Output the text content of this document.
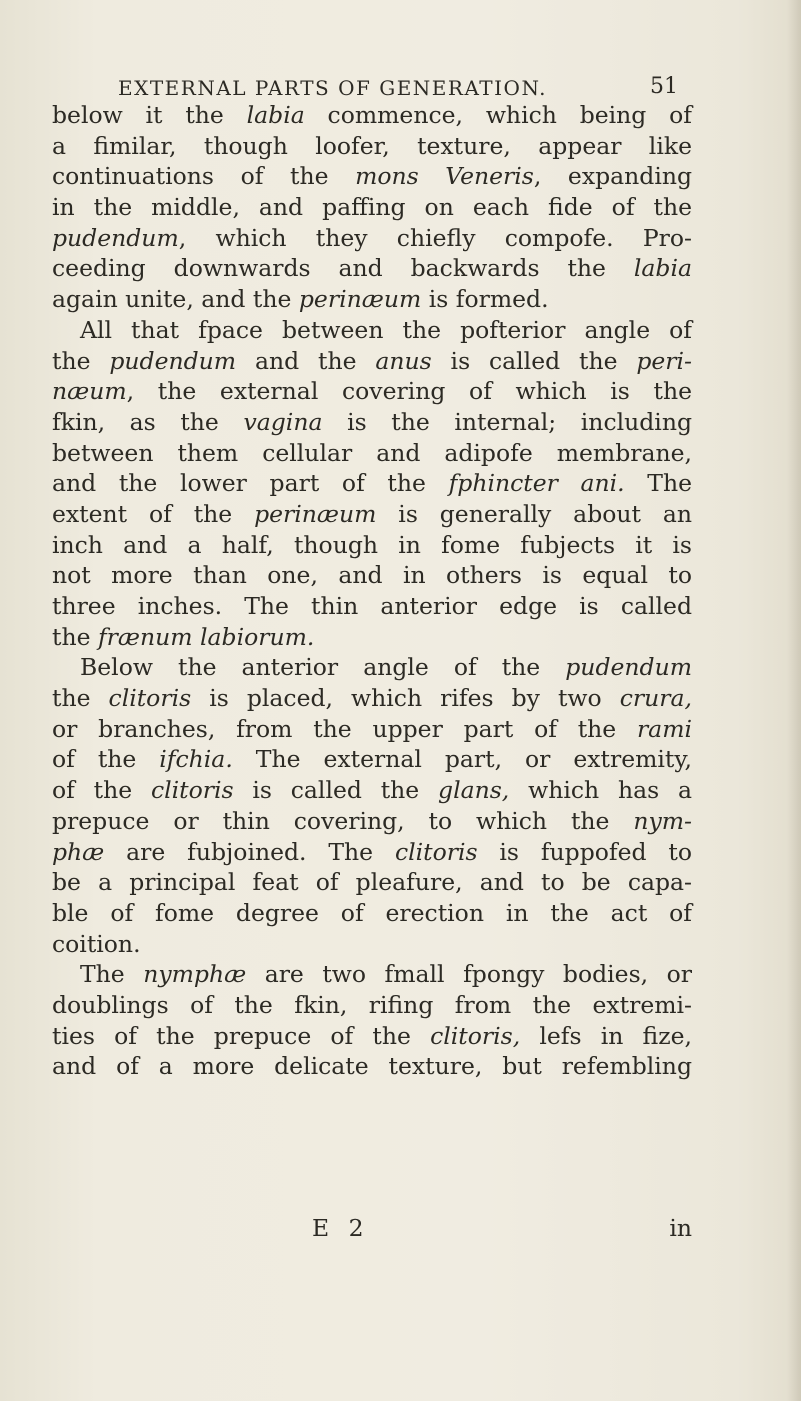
EXTERNAL PARTS OF GENERATION.	51
below it the labia commence, which being of
a fimilar, though loofer, texture, appear like
continuations of the mons Veneris, expanding
in the middle, and paffing on each fide of the
pudendum, which they chiefly compofe. Pro-
ceeding downwards and backwards the labia
again unite, and the perinæum is formed.
All that fpace between the pofterior angle of
the pudendum and the anus is called the peri-
næum, the external covering of which is the
fkin, as the vagina is the internal; including
between them cellular and adipofe membrane,
and the lower part of the fphincter ani. The
extent of the perinæum is generally about an
inch and a half, though in fome fubjects it is
not more than one, and in others is equal to
three inches. The thin anterior edge is called
the frænum labiorum.
Below the anterior angle of the pudendum
the clitoris is placed, which rifes by two crura,
or branches, from the upper part of the rami
of the ifchia. The external part, or extremity,
of the clitoris is called the glans, which has a
prepuce or thin covering, to which the nym-
phæ are fubjoined. The clitoris is fuppofed to
be a principal feat of pleafure, and to be capa-
ble of fome degree of erection in the act of
coition.
The nymphæ are two fmall fpongy bodies, or
doublings of the fkin, rifing from the extremi-
ties of the prepuce of the clitoris, lefs in fize,
and of a more delicate texture, but refembling
E 2	in
